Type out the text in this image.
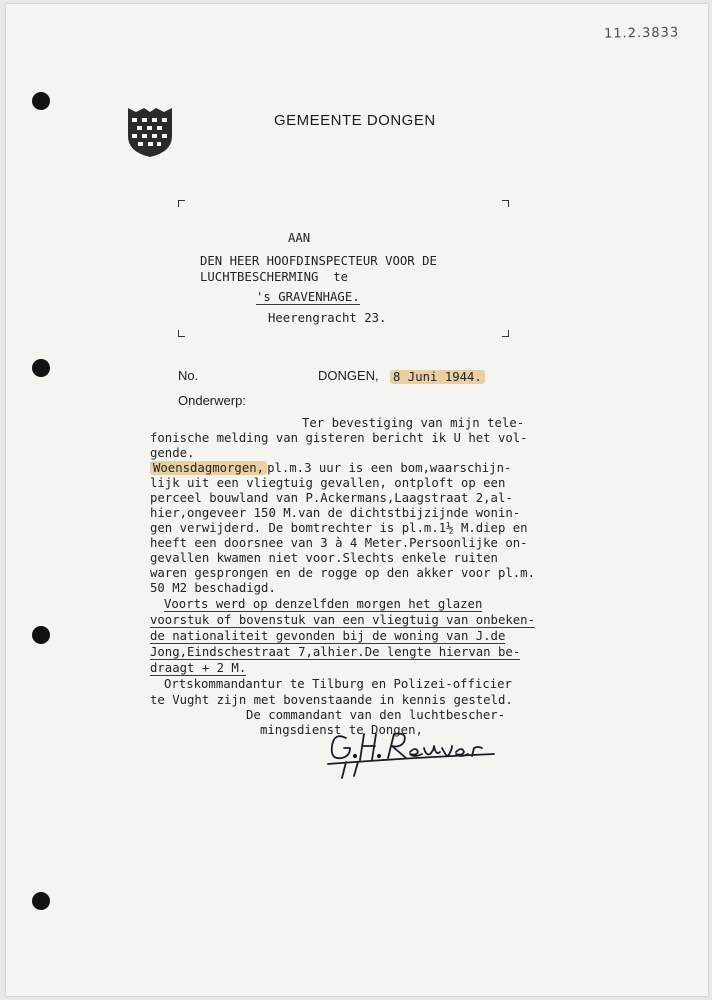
11.2.3833
GEMEENTE DONGEN
AAN
DEN HEER HOOFDINSPECTEUR VOOR DE
LUCHTBESCHERMING  te
's GRAVENHAGE.
Heerengracht 23.
No.
Onderwerp:
DONGEN, 8 Juni 1944.
Ter bevestiging van mijn tele-
fonische melding van gisteren bericht ik U het vol-
gende.
Woensdagmorgen, pl.m.3 uur is een bom,waarschijn-
lijk uit een vliegtuig gevallen, ontploft op een
perceel bouwland van P.Ackermans,Laagstraat 2,al-
hier,ongeveer 150 M.van de dichtstbijzijnde wonin-
gen verwijderd. De bomtrechter is pl.m.1½ M.diep en
heeft een doorsnee van 3 à 4 Meter.Persoonlijke on-
gevallen kwamen niet voor.Slechts enkele ruiten
waren gesprongen en de rogge op den akker voor pl.m.
50 M2 beschadigd.
Voorts werd op denzelfden morgen het glazen
voorstuk of bovenstuk van een vliegtuig van onbeken-
de nationaliteit gevonden bij de woning van J.de
Jong,Eindschestraat 7,alhier.De lengte hiervan be-
draagt + 2 M.
Ortskommandantur te Tilburg en Polizei-officier
te Vught zijn met bovenstaande in kennis gesteld.
De commandant van den luchtbescher-
mingsdienst te Dongen,
